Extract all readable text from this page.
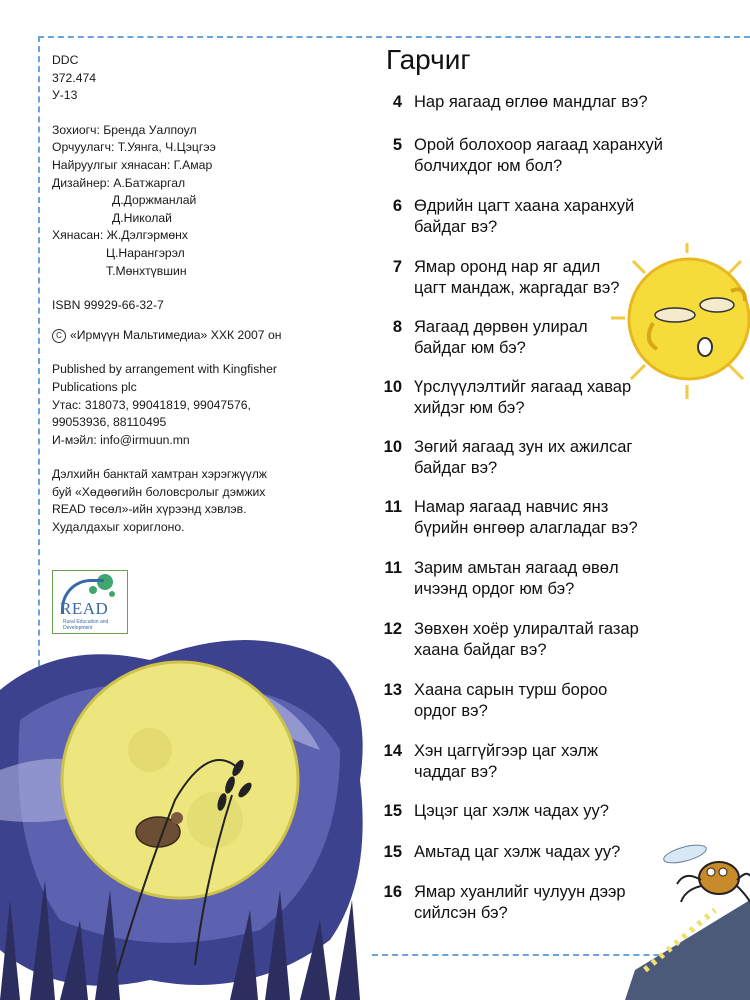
DDC
372.474
У-13
Зохиогч: Бренда Уалпоул
Орчуулагч: Т.Уянга, Ч.Цэцгээ
Найруулгыг хянасан: Г.Амар
Дизайнер: А.Батжаргал
Д.Доржманлай
Д.Николай
Хянасан: Ж.Дэлгэрмөнх
Ц.Нарангэрэл
Т.Мөнхтүвшин
ISBN 99929-66-32-7
C «Ирмүүн Мальтимедиа» ХХК 2007 он
Published by arrangement with Kingfisher
Publications plc
Утас: 318073, 99041819, 99047576,
99053936, 88110495
И-мэйл: info@irmuun.mn
Дэлхийн банктай хамтран хэрэгжүүлж
буй «Хөдөөгийн боловсролыг дэмжих
READ төсөл»-ийн хүрээнд хэвлэв.
Худалдахыг хориглоно.
READ
Rural Education and Development
Гарчиг
4 Нар яагаад өглөө мандлаг вэ?
5 Орой болохоор яагаад харанхуй
болчихдог юм бол?
6 Өдрийн цагт хаана харанхуй
байдаг вэ?
7 Ямар оронд нар яг адил
цагт мандаж, жаргадаг вэ?
8 Яагаад дөрвөн улирал
байдаг юм бэ?
10 Үрслүүлэлтийг яагаад хавар
хийдэг юм бэ?
10 Зөгий яагаад зун их ажилсаг
байдаг вэ?
11 Намар яагаад навчис янз
бүрийн өнгөөр алагладаг вэ?
11 Зарим амьтан яагаад өвөл
ичээнд ордог юм бэ?
12 Зөвхөн хоёр улиралтай газар
хаана байдаг вэ?
13 Хаана сарын турш бороо
ордог вэ?
14 Хэн цаггүйгээр цаг хэлж
чаддаг вэ?
15 Цэцэг цаг хэлж чадах уу?
15 Амьтад цаг хэлж чадах уу?
16 Ямар хуанлийг чулуун дээр
сийлсэн бэ?
